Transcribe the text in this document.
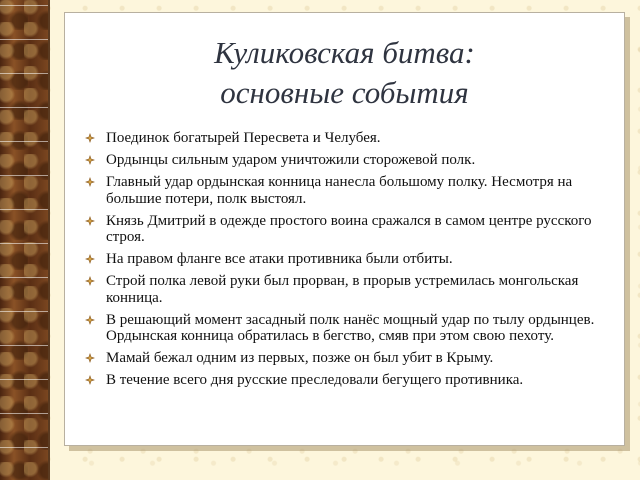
Куликовская битва:
основные события
Поединок богатырей Пересвета и Челубея.
Ордынцы сильным ударом уничтожили сторожевой полк.
Главный удар ордынская конница нанесла большому полку. Несмотря на большие потери, полк выстоял.
Князь Дмитрий в одежде простого воина сражался в самом центре русского строя.
На правом фланге все атаки противника были отбиты.
Строй полка левой руки был прорван, в прорыв устремилась монгольская конница.
В решающий момент засадный полк нанёс мощный удар по тылу ордынцев. Ордынская конница обратилась в бегство, смяв при этом свою пехоту.
Мамай бежал одним из первых, позже он был убит в Крыму.
В течение всего дня русские преследовали бегущего противника.
